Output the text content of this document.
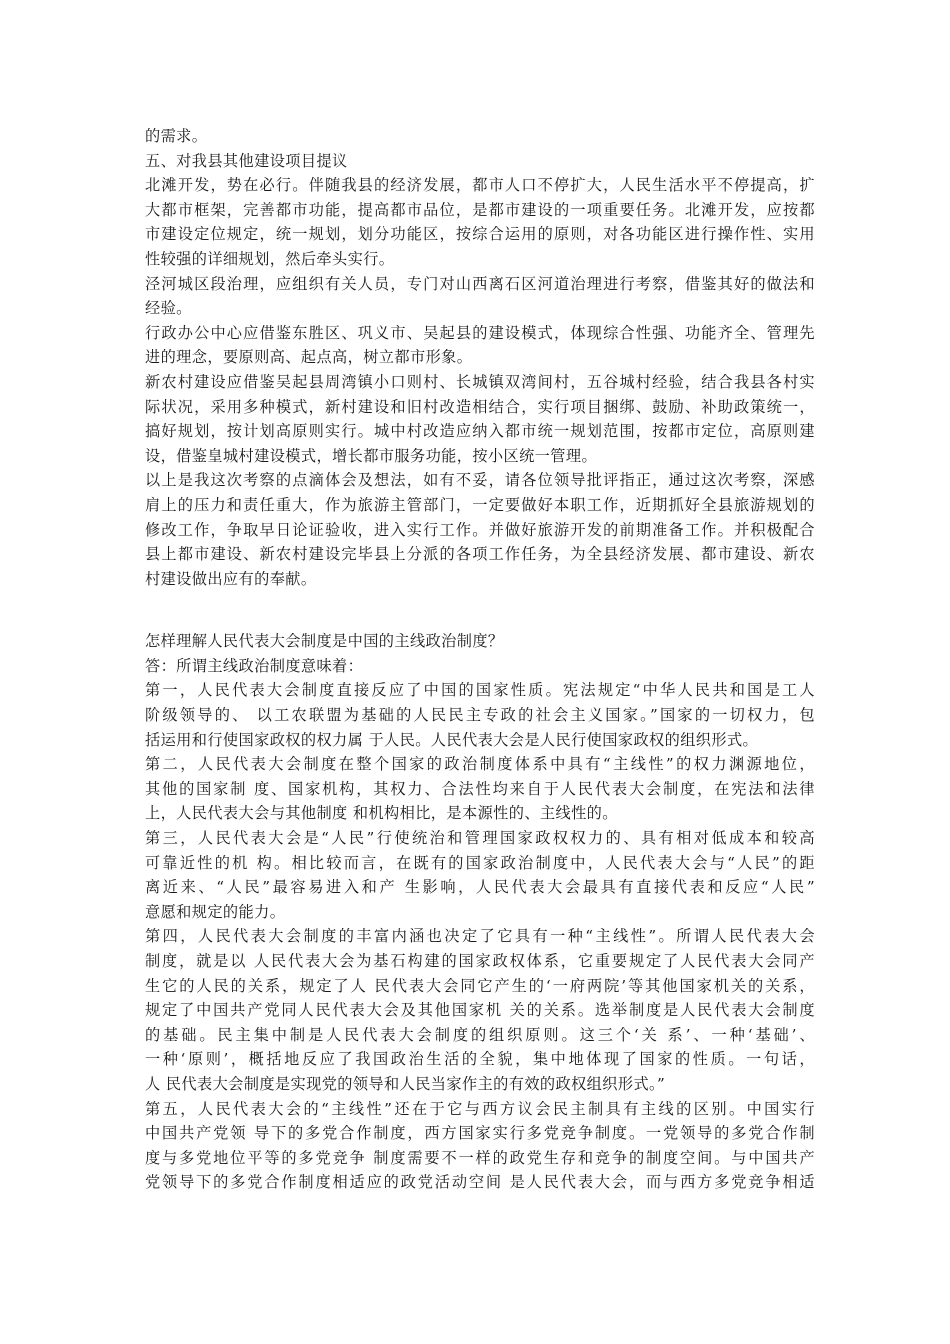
的需求。
五、对我县其他建设项目提议
北滩开发，势在必行。伴随我县的经济发展，都市人口不停扩大，人民生活水平不停提高，扩
大都市框架，完善都市功能，提高都市品位，是都市建设的一项重要任务。北滩开发，应按都
市建设定位规定，统一规划，划分功能区，按综合运用的原则，对各功能区进行操作性、实用
性较强的详细规划，然后牵头实行。
泾河城区段治理，应组织有关人员，专门对山西离石区河道治理进行考察，借鉴其好的做法和
经验。
行政办公中心应借鉴东胜区、巩义市、吴起县的建设模式，体现综合性强、功能齐全、管理先
进的理念，要原则高、起点高，树立都市形象。
新农村建设应借鉴吴起县周湾镇小口则村、长城镇双湾间村，五谷城村经验，结合我县各村实
际状况，采用多种模式，新村建设和旧村改造相结合，实行项目捆绑、鼓励、补助政策统一，
搞好规划，按计划高原则实行。城中村改造应纳入都市统一规划范围，按都市定位，高原则建
设，借鉴皇城村建设模式，增长都市服务功能，按小区统一管理。
以上是我这次考察的点滴体会及想法，如有不妥，请各位领导批评指正，通过这次考察，深感
肩上的压力和责任重大，作为旅游主管部门，一定要做好本职工作，近期抓好全县旅游规划的
修改工作，争取早日论证验收，进入实行工作。并做好旅游开发的前期准备工作。并积极配合
县上都市建设、新农村建设完毕县上分派的各项工作任务，为全县经济发展、都市建设、新农
村建设做出应有的奉献。
怎样理解人民代表大会制度是中国的主线政治制度？
答：所谓主线政治制度意味着：
第一，人民代表大会制度直接反应了中国的国家性质。宪法规定“中华人民共和国是工人
阶级领导的、 以工农联盟为基础的人民民主专政的社会主义国家。”国家的一切权力，包
括运用和行使国家政权的权力属 于人民。人民代表大会是人民行使国家政权的组织形式。
第二，人民代表大会制度在整个国家的政治制度体系中具有“主线性”的权力渊源地位，
其他的国家制 度、国家机构，其权力、合法性均来自于人民代表大会制度，在宪法和法律
上，人民代表大会与其他制度 和机构相比，是本源性的、主线性的。
第三，人民代表大会是“人民”行使统治和管理国家政权权力的、具有相对低成本和较高
可靠近性的机 构。相比较而言，在既有的国家政治制度中，人民代表大会与“人民”的距
离近来、“人民”最容易进入和产 生影响，人民代表大会最具有直接代表和反应“人民”
意愿和规定的能力。
第四，人民代表大会制度的丰富内涵也决定了它具有一种“主线性”。所谓人民代表大会
制度，就是以 人民代表大会为基石构建的国家政权体系，它重要规定了人民代表大会同产
生它的人民的关系，规定了人 民代表大会同它产生的‘一府两院’等其他国家机关的关系，
规定了中国共产党同人民代表大会及其他国家机 关的关系。选举制度是人民代表大会制度
的基础。民主集中制是人民代表大会制度的组织原则。这三个‘关 系’、一种‘基础’、
一种‘原则’，概括地反应了我国政治生活的全貌，集中地体现了国家的性质。一句话，
人 民代表大会制度是实现党的领导和人民当家作主的有效的政权组织形式。”
第五，人民代表大会的“主线性”还在于它与西方议会民主制具有主线的区别。中国实行
中国共产党领 导下的多党合作制度，西方国家实行多党竞争制度。一党领导的多党合作制
度与多党地位平等的多党竞争 制度需要不一样的政党生存和竞争的制度空间。与中国共产
党领导下的多党合作制度相适应的政党活动空间 是人民代表大会，而与西方多党竞争相适
